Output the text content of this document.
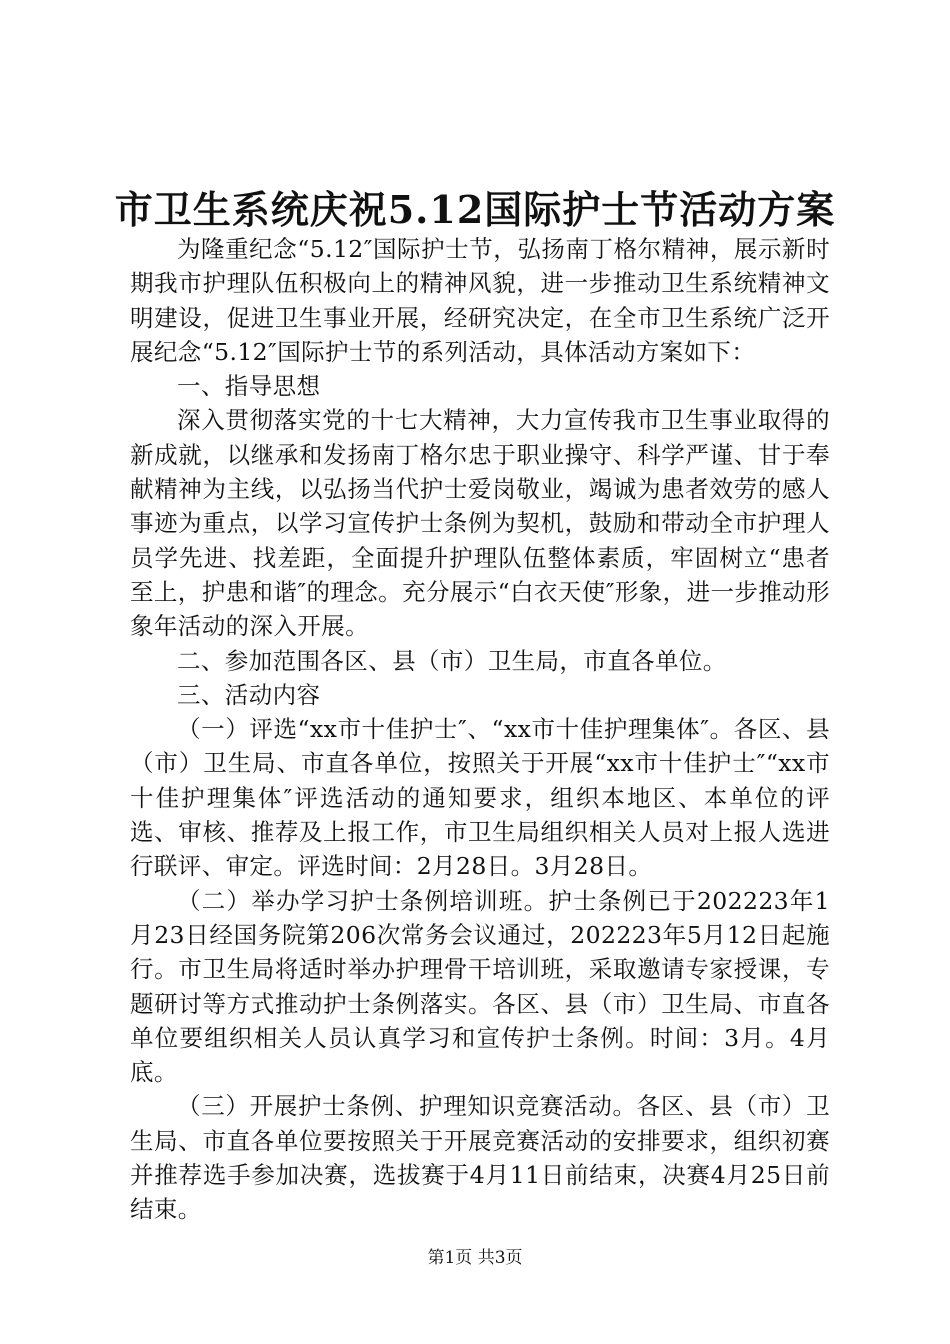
市卫生系统庆祝5.12国际护士节活动方案

为隆重纪念“5.12″国际护士节，弘扬南丁格尔精神，展示新时期我市护理队伍积极向上的精神风貌，进一步推动卫生系统精神文明建设，促进卫生事业开展，经研究决定，在全市卫生系统广泛开展纪念“5.12″国际护士节的系列活动，具体活动方案如下：

一、指导思想

深入贯彻落实党的十七大精神，大力宣传我市卫生事业取得的新成就，以继承和发扬南丁格尔忠于职业操守、科学严谨、甘于奉献精神为主线，以弘扬当代护士爱岗敬业，竭诚为患者效劳的感人事迹为重点，以学习宣传护士条例为契机，鼓励和带动全市护理人员学先进、找差距，全面提升护理队伍整体素质，牢固树立“患者至上，护患和谐″的理念。充分展示“白衣天使″形象，进一步推动形象年活动的深入开展。

二、参加范围各区、县（市）卫生局，市直各单位。

三、活动内容

（一）评选“xx市十佳护士″、“xx市十佳护理集体″。各区、县（市）卫生局、市直各单位，按照关于开展“xx市十佳护士″“xx市十佳护理集体″评选活动的通知要求，组织本地区、本单位的评选、审核、推荐及上报工作，市卫生局组织相关人员对上报人选进行联评、审定。评选时间：2月28日。3月28日。

（二）举办学习护士条例培训班。护士条例已于202223年1月23日经国务院第206次常务会议通过，202223年5月12日起施行。市卫生局将适时举办护理骨干培训班，采取邀请专家授课，专题研讨等方式推动护士条例落实。各区、县（市）卫生局、市直各单位要组织相关人员认真学习和宣传护士条例。时间：3月。4月底。

（三）开展护士条例、护理知识竞赛活动。各区、县（市）卫生局、市直各单位要按照关于开展竞赛活动的安排要求，组织初赛并推荐选手参加决赛，选拔赛于4月11日前结束，决赛4月25日前结束。

第1页 共3页
